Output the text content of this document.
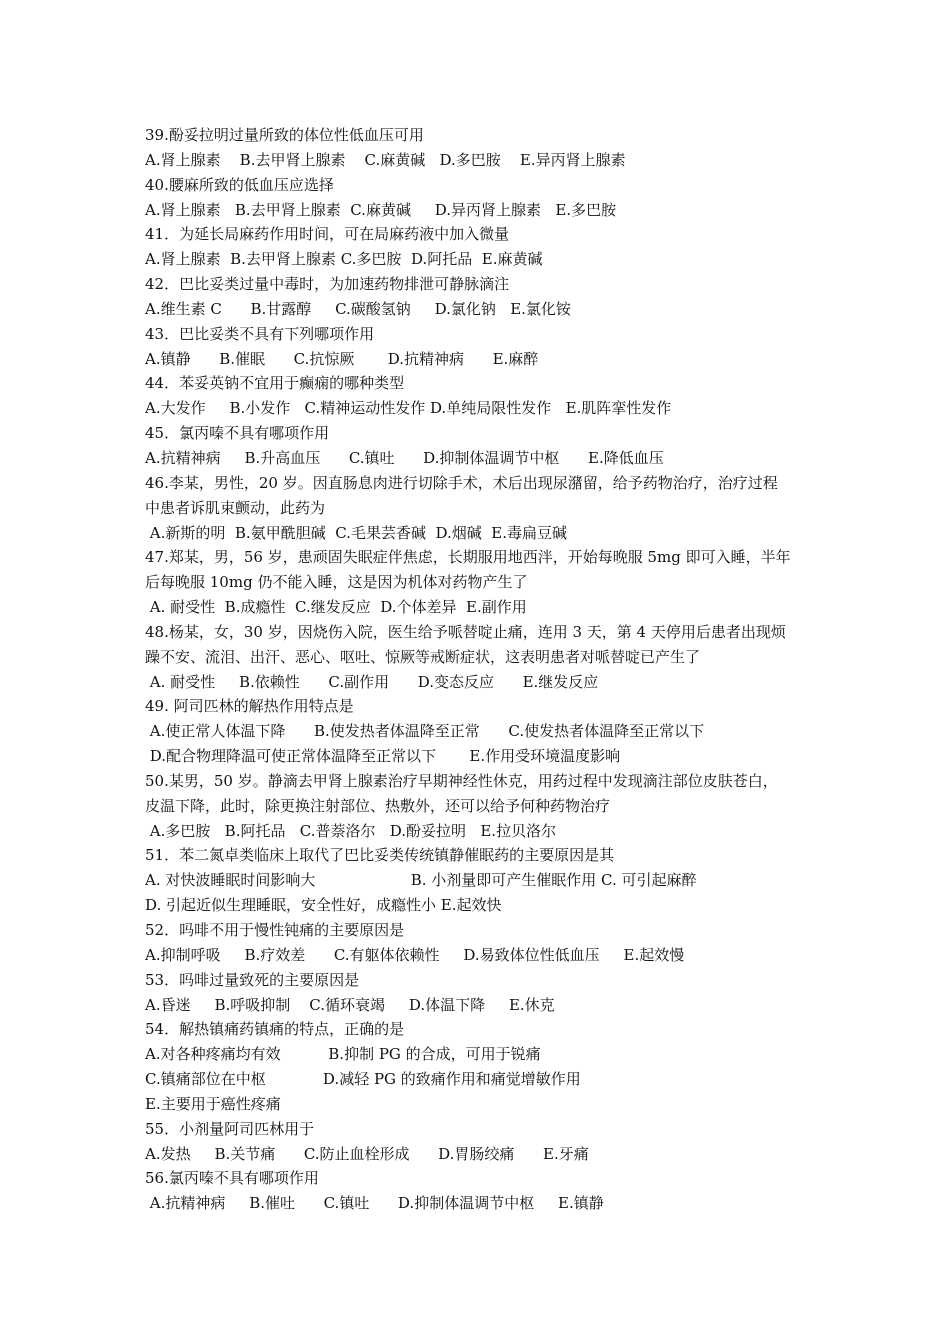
39.酚妥拉明过量所致的体位性低血压可用
A.肾上腺素    B.去甲肾上腺素    C.麻黄碱   D.多巴胺    E.异丙肾上腺素
40.腰麻所致的低血压应选择
A.肾上腺素   B.去甲肾上腺素  C.麻黄碱     D.异丙肾上腺素   E.多巴胺
41．为延长局麻药作用时间，可在局麻药液中加入微量
A.肾上腺素  B.去甲肾上腺素 C.多巴胺  D.阿托品  E.麻黄碱
42．巴比妥类过量中毒时，为加速药物排泄可静脉滴注
A.维生素 C      B.甘露醇     C.碳酸氢钠     D.氯化钠   E.氯化铵
43．巴比妥类不具有下列哪项作用
A.镇静      B.催眠      C.抗惊厥       D.抗精神病      E.麻醉
44．苯妥英钠不宜用于癫痫的哪种类型
A.大发作     B.小发作   C.精神运动性发作 D.单纯局限性发作   E.肌阵挛性发作
45．氯丙嗪不具有哪项作用
A.抗精神病     B.升高血压      C.镇吐      D.抑制体温调节中枢      E.降低血压
46.李某，男性，20 岁。因直肠息肉进行切除手术，术后出现尿潴留，给予药物治疗，治疗过程
中患者诉肌束颤动，此药为
A.新斯的明  B.氨甲酰胆碱  C.毛果芸香碱  D.烟碱  E.毒扁豆碱
47.郑某，男，56 岁，患顽固失眠症伴焦虑，长期服用地西泮，开始每晚服 5mg 即可入睡，半年
后每晚服 10mg 仍不能入睡，这是因为机体对药物产生了
A. 耐受性  B.成瘾性  C.继发反应  D.个体差异  E.副作用
48.杨某，女，30 岁，因烧伤入院，医生给予哌替啶止痛，连用 3 天，第 4 天停用后患者出现烦
躁不安、流泪、出汗、恶心、呕吐、惊厥等戒断症状，这表明患者对哌替啶已产生了
A. 耐受性     B.依赖性      C.副作用      D.变态反应      E.继发反应
49. 阿司匹林的解热作用特点是
A.使正常人体温下降      B.使发热者体温降至正常      C.使发热者体温降至正常以下
D.配合物理降温可使正常体温降至正常以下       E.作用受环境温度影响
50.某男，50 岁。静滴去甲肾上腺素治疗早期神经性休克，用药过程中发现滴注部位皮肤苍白，
皮温下降，此时，除更换注射部位、热敷外，还可以给予何种药物治疗
A.多巴胺   B.阿托品   C.普萘洛尔   D.酚妥拉明   E.拉贝洛尔
51．苯二氮卓类临床上取代了巴比妥类传统镇静催眠药的主要原因是其
A. 对快波睡眠时间影响大                    B. 小剂量即可产生催眠作用 C. 可引起麻醉
D. 引起近似生理睡眠，安全性好，成瘾性小 E.起效快
52．吗啡不用于慢性钝痛的主要原因是
A.抑制呼吸     B.疗效差      C.有躯体依赖性     D.易致体位性低血压     E.起效慢
53．吗啡过量致死的主要原因是
A.昏迷     B.呼吸抑制    C.循环衰竭     D.体温下降     E.休克
54．解热镇痛药镇痛的特点，正确的是
A.对各种疼痛均有效          B.抑制 PG 的合成，可用于锐痛
C.镇痛部位在中枢            D.减轻 PG 的致痛作用和痛觉增敏作用
E.主要用于癌性疼痛
55．小剂量阿司匹林用于
A.发热     B.关节痛      C.防止血栓形成      D.胃肠绞痛      E.牙痛
56.氯丙嗪不具有哪项作用
A.抗精神病     B.催吐      C.镇吐      D.抑制体温调节中枢     E.镇静
